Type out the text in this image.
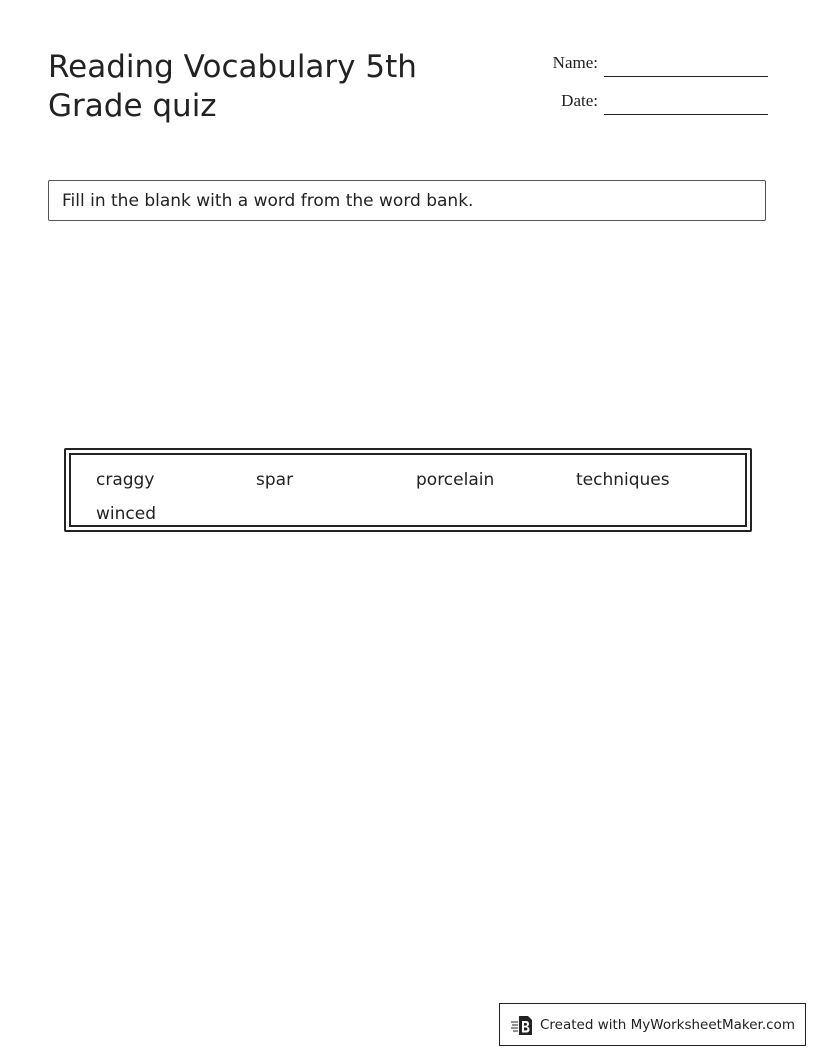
Reading Vocabulary 5th Grade quiz
Name:
Date:
Fill in the blank with a word from the word bank.
craggy	spar	porcelain	techniques
winced
Created with MyWorksheetMaker.com
